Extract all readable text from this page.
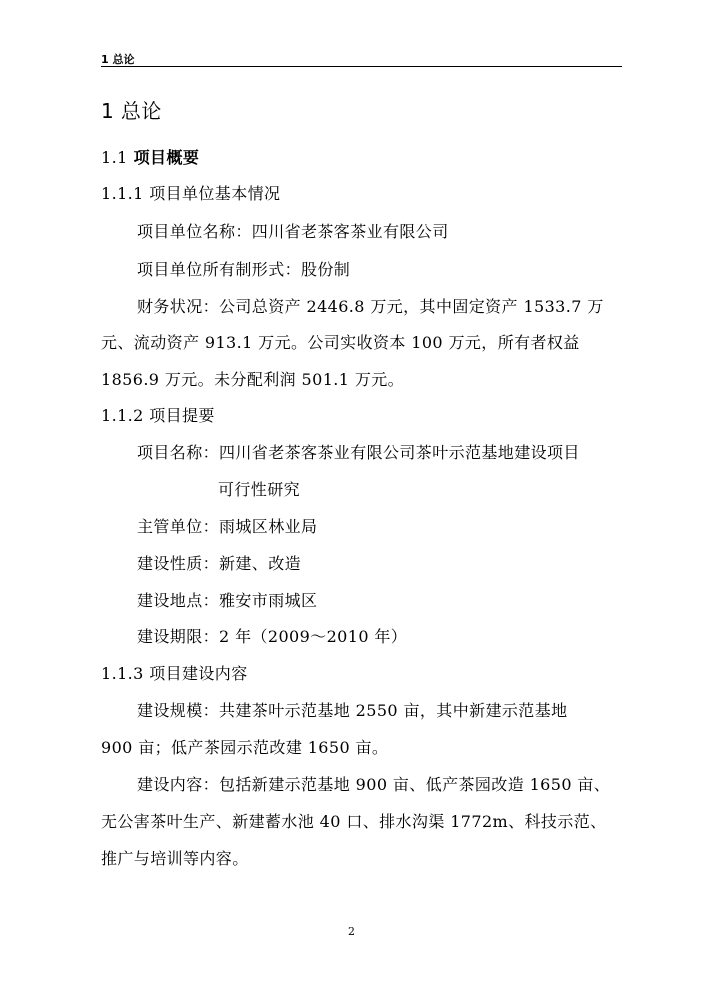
1 总论
1 总论
1.1 项目概要
1.1.1 项目单位基本情况
项目单位名称：四川省老茶客茶业有限公司
项目单位所有制形式：股份制
财务状况：公司总资产 2446.8 万元，其中固定资产 1533.7 万
元、流动资产 913.1 万元。公司实收资本 100 万元，所有者权益
1856.9 万元。未分配利润 501.1 万元。
1.1.2 项目提要
项目名称：四川省老茶客茶业有限公司茶叶示范基地建设项目
可行性研究
主管单位：雨城区林业局
建设性质：新建、改造
建设地点：雅安市雨城区
建设期限：2 年（2009～2010 年）
1.1.3 项目建设内容
建设规模：共建茶叶示范基地 2550 亩，其中新建示范基地
900 亩；低产茶园示范改建 1650 亩。
建设内容：包括新建示范基地 900 亩、低产茶园改造 1650 亩、
无公害茶叶生产、新建蓄水池 40 口、排水沟渠 1772m、科技示范、
推广与培训等内容。
2
